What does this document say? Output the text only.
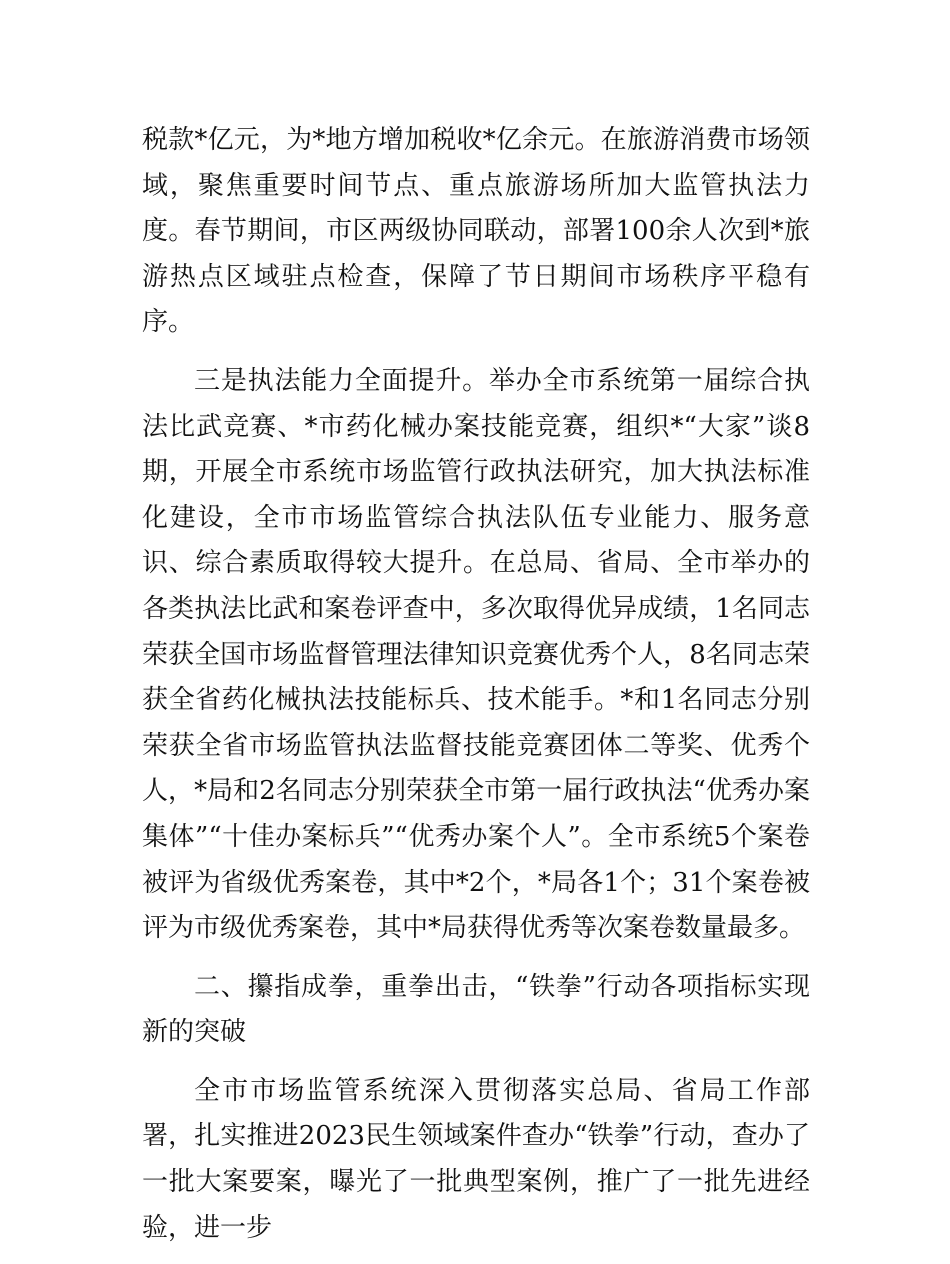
税款*亿元，为*地方增加税收*亿余元。在旅游消费市场领域，聚焦重要时间节点、重点旅游场所加大监管执法力度。春节期间，市区两级协同联动，部署100余人次到*旅游热点区域驻点检查，保障了节日期间市场秩序平稳有序。

三是执法能力全面提升。举办全市系统第一届综合执法比武竞赛、*市药化械办案技能竞赛，组织*“大家”谈8期，开展全市系统市场监管行政执法研究，加大执法标准化建设，全市市场监管综合执法队伍专业能力、服务意识、综合素质取得较大提升。在总局、省局、全市举办的各类执法比武和案卷评查中，多次取得优异成绩，1名同志荣获全国市场监督管理法律知识竞赛优秀个人，8名同志荣获全省药化械执法技能标兵、技术能手。*和1名同志分别荣获全省市场监管执法监督技能竞赛团体二等奖、优秀个人，*局和2名同志分别荣获全市第一届行政执法“优秀办案集体”“十佳办案标兵”“优秀办案个人”。全市系统5个案卷被评为省级优秀案卷，其中*2个，*局各1个；31个案卷被评为市级优秀案卷，其中*局获得优秀等次案卷数量最多。

二、攥指成拳，重拳出击，“铁拳”行动各项指标实现新的突破

全市市场监管系统深入贯彻落实总局、省局工作部署，扎实推进2023民生领域案件查办“铁拳”行动，查办了一批大案要案，曝光了一批典型案例，推广了一批先进经验，进一步
